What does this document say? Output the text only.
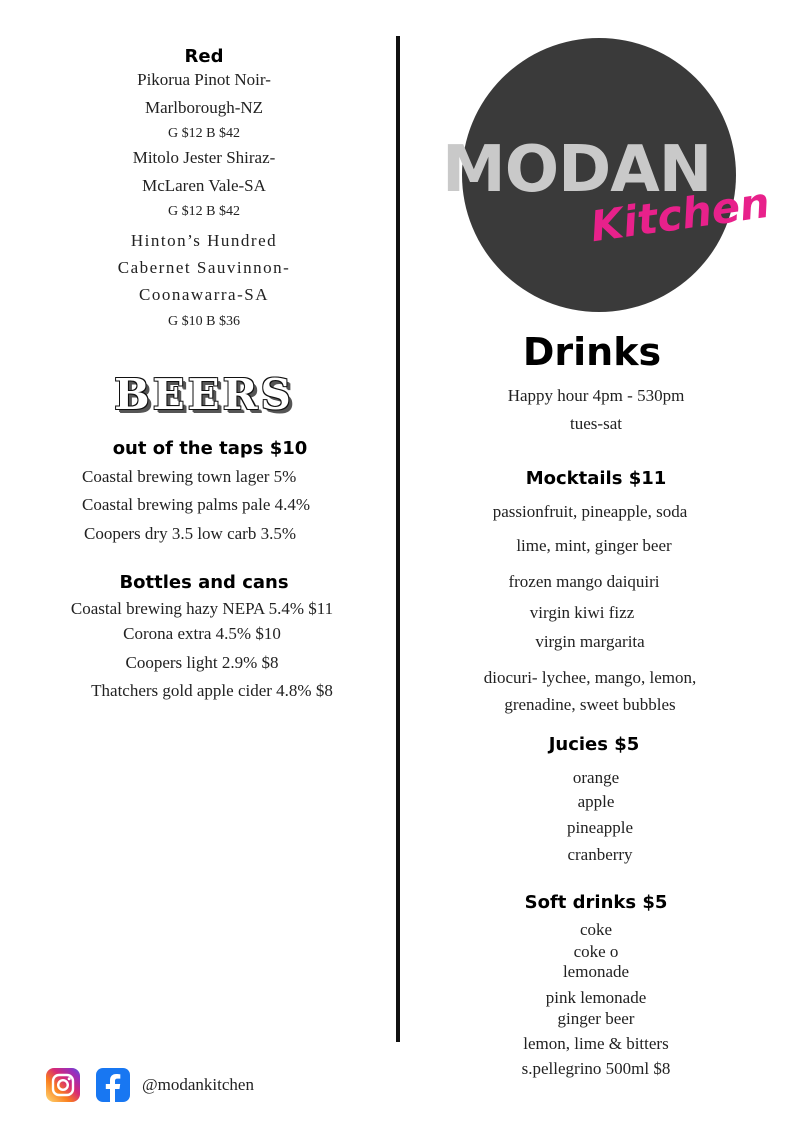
Red
Pikorua Pinot Noir-
Marlborough-NZ
G $12 B $42
Mitolo Jester Shiraz-
McLaren Vale-SA
G $12 B $42
Hinton’s Hundred
Cabernet Sauvinnon-
Coonawarra-SA
G $10 B $36
BEERS
out of the taps $10
Coastal brewing town lager 5%
Coastal brewing palms pale 4.4%
Coopers dry 3.5 low carb 3.5%
Bottles and cans
Coastal brewing hazy NEPA 5.4% $11
Corona extra 4.5% $10
Coopers light 2.9% $8
Thatchers gold apple cider 4.8% $8
MODAN
Kitchen
Drinks
Happy hour 4pm - 530pm
tues-sat
Mocktails $11
passionfruit, pineapple, soda
lime, mint, ginger beer
frozen mango daiquiri
virgin kiwi fizz
virgin margarita
diocuri- lychee, mango, lemon,
grenadine, sweet bubbles
Jucies $5
orange
apple
pineapple
cranberry
Soft drinks $5
coke
coke o
lemonade
pink lemonade
ginger beer
lemon, lime & bitters
s.pellegrino 500ml $8
@modankitchen
